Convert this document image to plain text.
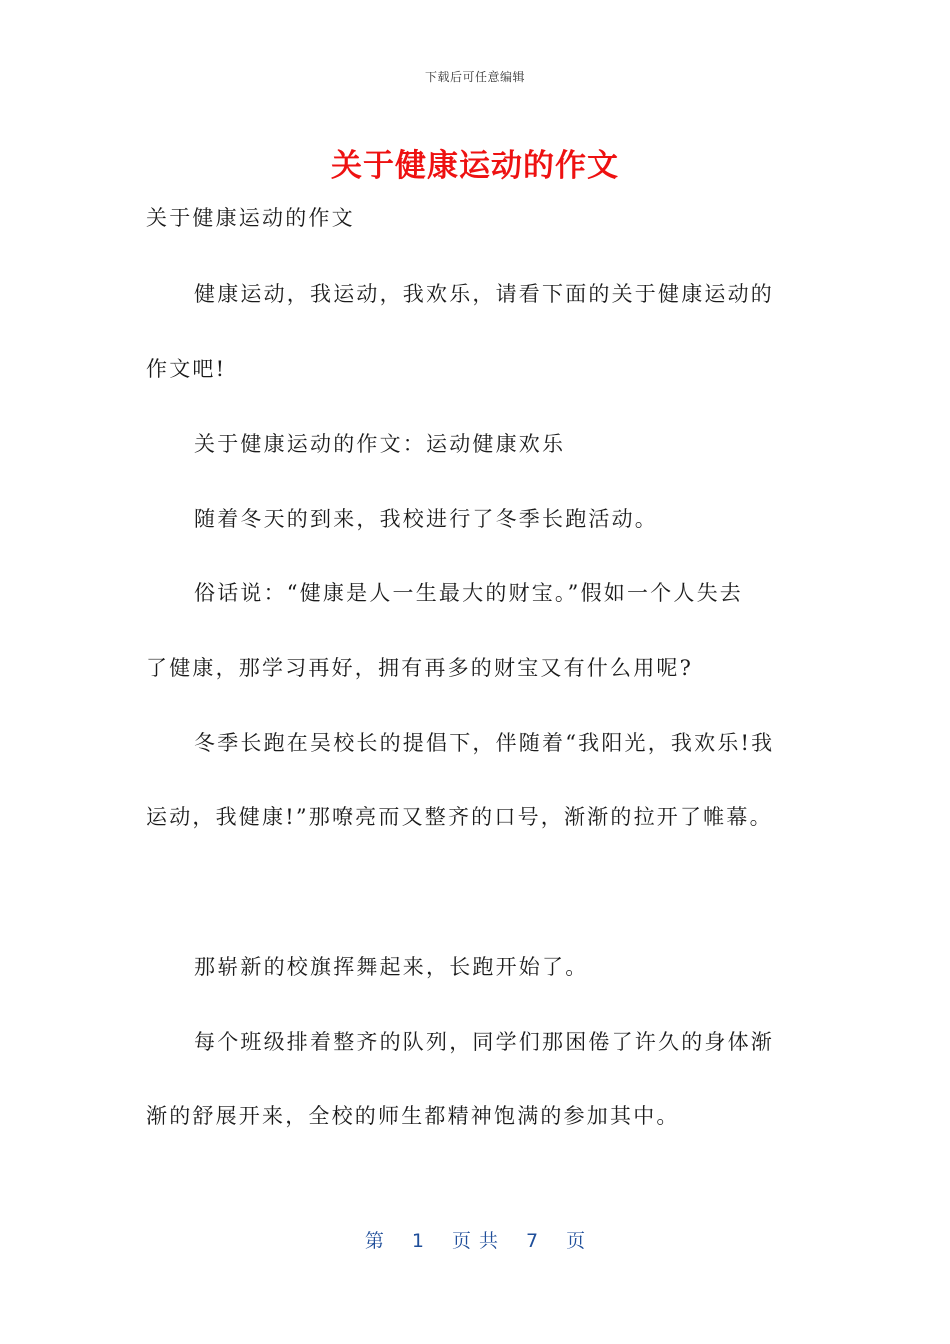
下载后可任意编辑
关于健康运动的作文
关于健康运动的作文
健康运动，我运动，我欢乐，请看下面的关于健康运动的
作文吧!
关于健康运动的作文：运动健康欢乐
随着冬天的到来，我校进行了冬季长跑活动。
俗话说：“健康是人一生最大的财宝。”假如一个人失去
了健康，那学习再好，拥有再多的财宝又有什么用呢?
冬季长跑在吴校长的提倡下，伴随着“我阳光，我欢乐!我
运动，我健康!”那嘹亮而又整齐的口号，渐渐的拉开了帷幕。
那崭新的校旗挥舞起来，长跑开始了。
每个班级排着整齐的队列，同学们那困倦了许久的身体渐
渐的舒展开来，全校的师生都精神饱满的参加其中。
第 1 页 共 7 页
